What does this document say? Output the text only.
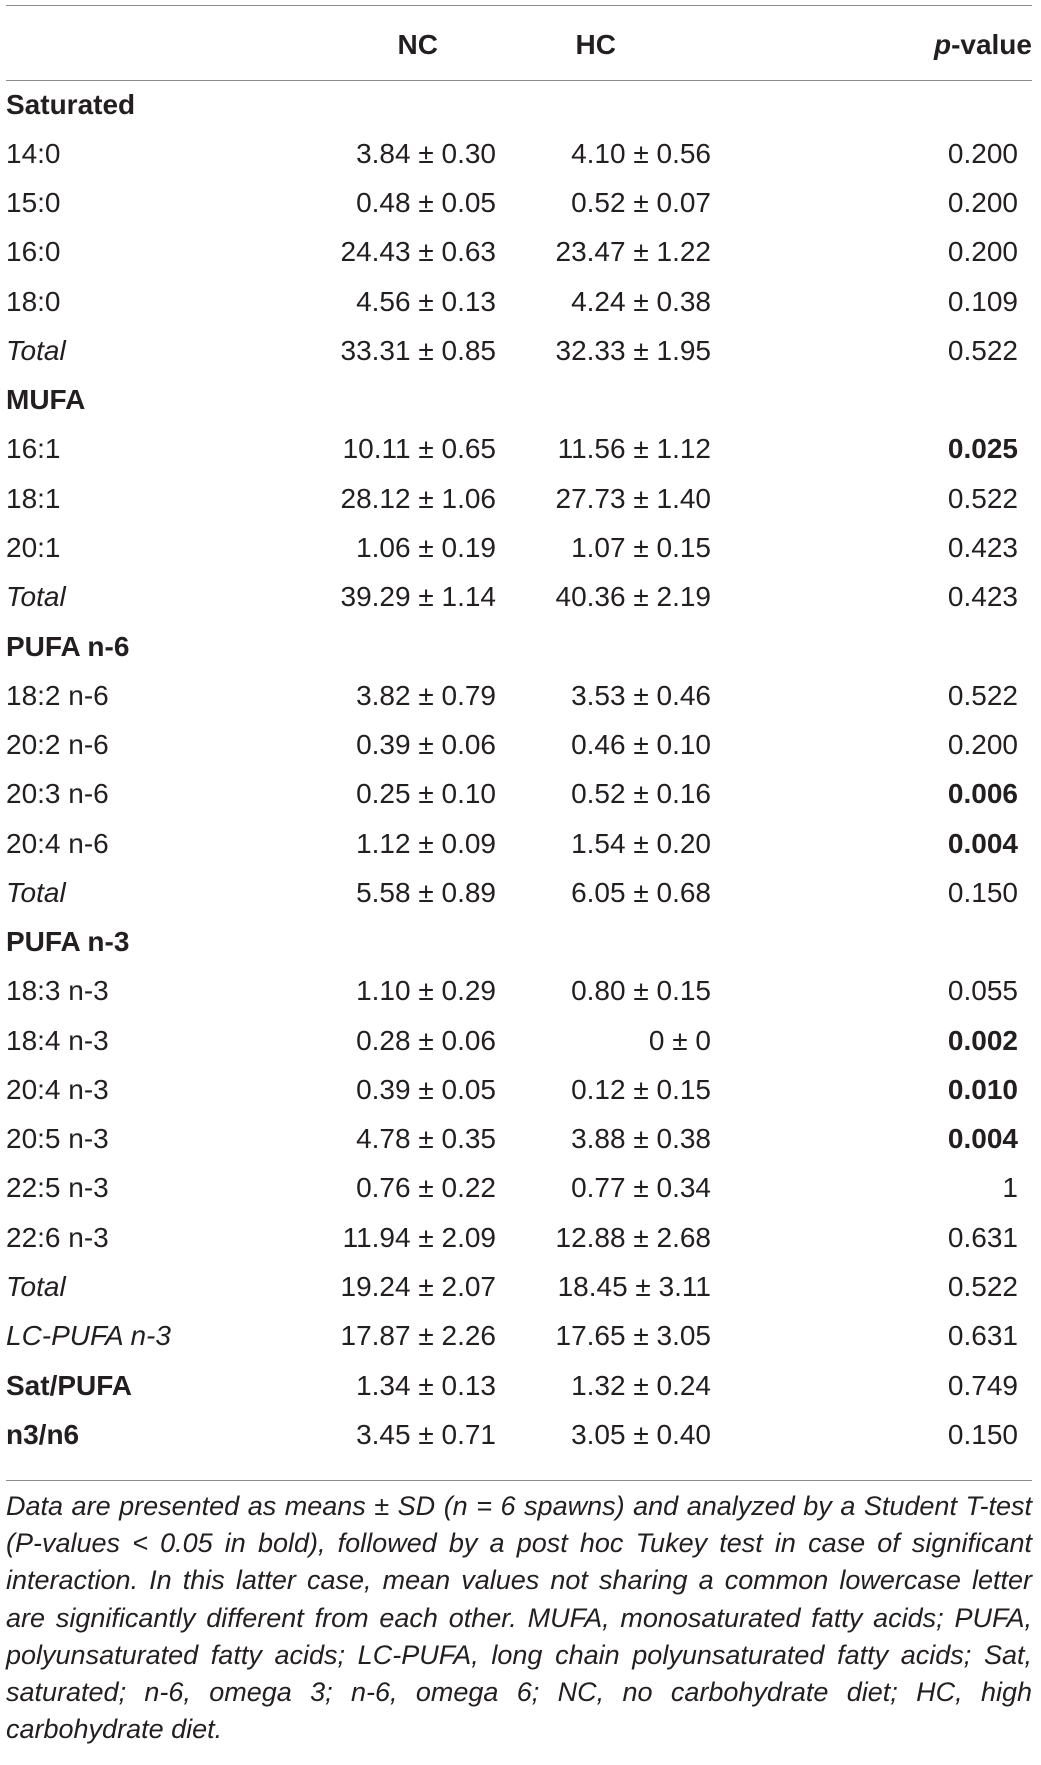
	NC	HC	p-value
Saturated			
14:0	3.84 ± 0.30	4.10 ± 0.56	0.200
15:0	0.48 ± 0.05	0.52 ± 0.07	0.200
16:0	24.43 ± 0.63	23.47 ± 1.22	0.200
18:0	4.56 ± 0.13	4.24 ± 0.38	0.109
Total	33.31 ± 0.85	32.33 ± 1.95	0.522
MUFA			
16:1	10.11 ± 0.65	11.56 ± 1.12	0.025
18:1	28.12 ± 1.06	27.73 ± 1.40	0.522
20:1	1.06 ± 0.19	1.07 ± 0.15	0.423
Total	39.29 ± 1.14	40.36 ± 2.19	0.423
PUFA n-6			
18:2 n-6	3.82 ± 0.79	3.53 ± 0.46	0.522
20:2 n-6	0.39 ± 0.06	0.46 ± 0.10	0.200
20:3 n-6	0.25 ± 0.10	0.52 ± 0.16	0.006
20:4 n-6	1.12 ± 0.09	1.54 ± 0.20	0.004
Total	5.58 ± 0.89	6.05 ± 0.68	0.150
PUFA n-3			
18:3 n-3	1.10 ± 0.29	0.80 ± 0.15	0.055
18:4 n-3	0.28 ± 0.06	0 ± 0	0.002
20:4 n-3	0.39 ± 0.05	0.12 ± 0.15	0.010
20:5 n-3	4.78 ± 0.35	3.88 ± 0.38	0.004
22:5 n-3	0.76 ± 0.22	0.77 ± 0.34	1
22:6 n-3	11.94 ± 2.09	12.88 ± 2.68	0.631
Total	19.24 ± 2.07	18.45 ± 3.11	0.522
LC-PUFA n-3	17.87 ± 2.26	17.65 ± 3.05	0.631
Sat/PUFA	1.34 ± 0.13	1.32 ± 0.24	0.749
n3/n6	3.45 ± 0.71	3.05 ± 0.40	0.150
Data are presented as means ± SD (n = 6 spawns) and analyzed by a Student T-test (P-values < 0.05 in bold), followed by a post hoc Tukey test in case of significant interaction. In this latter case, mean values not sharing a common lowercase letter are significantly different from each other. MUFA, monosaturated fatty acids; PUFA, polyunsaturated fatty acids; LC-PUFA, long chain polyunsaturated fatty acids; Sat, saturated; n-6, omega 3; n-6, omega 6; NC, no carbohydrate diet; HC, high carbohydrate diet.
